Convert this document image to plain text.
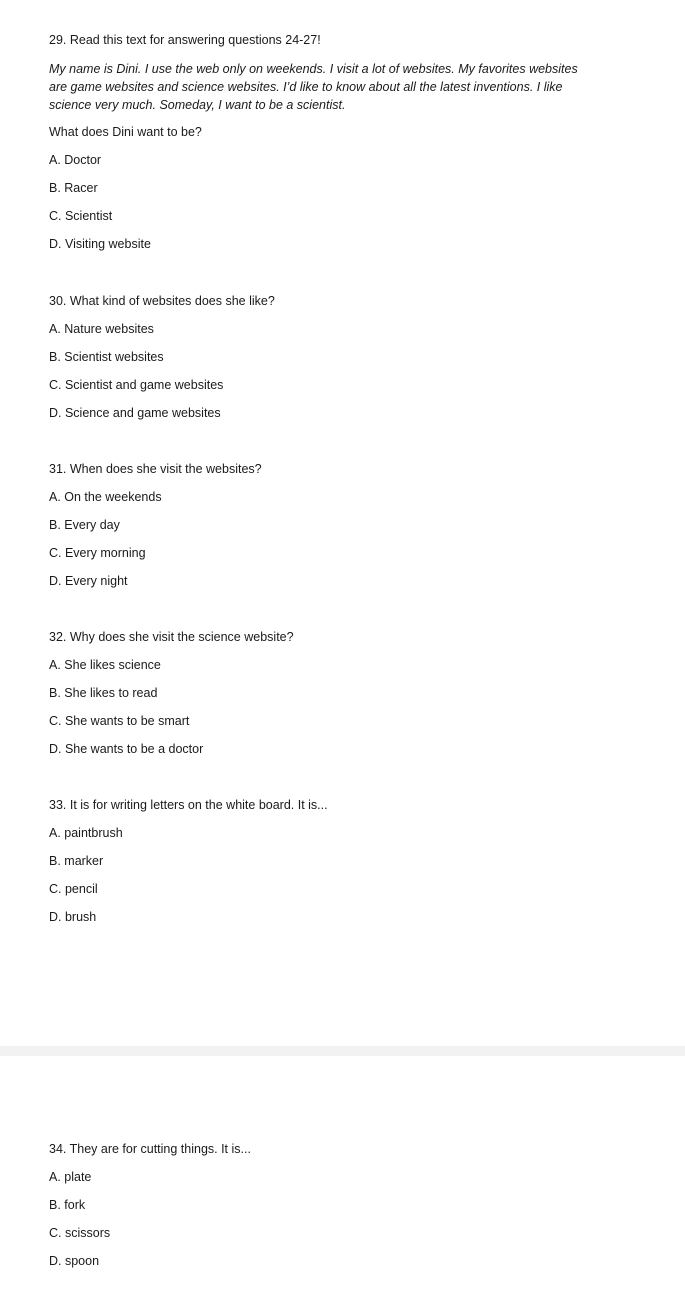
29. Read this text for answering questions 24-27!
My name is Dini. I use the web only on weekends. I visit a lot of websites. My favorites websites
are game websites and science websites. I’d like to know about all the latest inventions. I like
science very much. Someday, I want to be a scientist.
What does Dini want to be?
A. Doctor
B. Racer
C. Scientist
D. Visiting website
30. What kind of websites does she like?
A. Nature websites
B. Scientist websites
C. Scientist and game websites
D. Science and game websites
31. When does she visit the websites?
A. On the weekends
B. Every day
C. Every morning
D. Every night
32. Why does she visit the science website?
A. She likes science
B. She likes to read
C. She wants to be smart
D. She wants to be a doctor
33. It is for writing letters on the white board. It is...
A. paintbrush
B. marker
C. pencil
D. brush
34. They are for cutting things. It is...
A. plate
B. fork
C. scissors
D. spoon
